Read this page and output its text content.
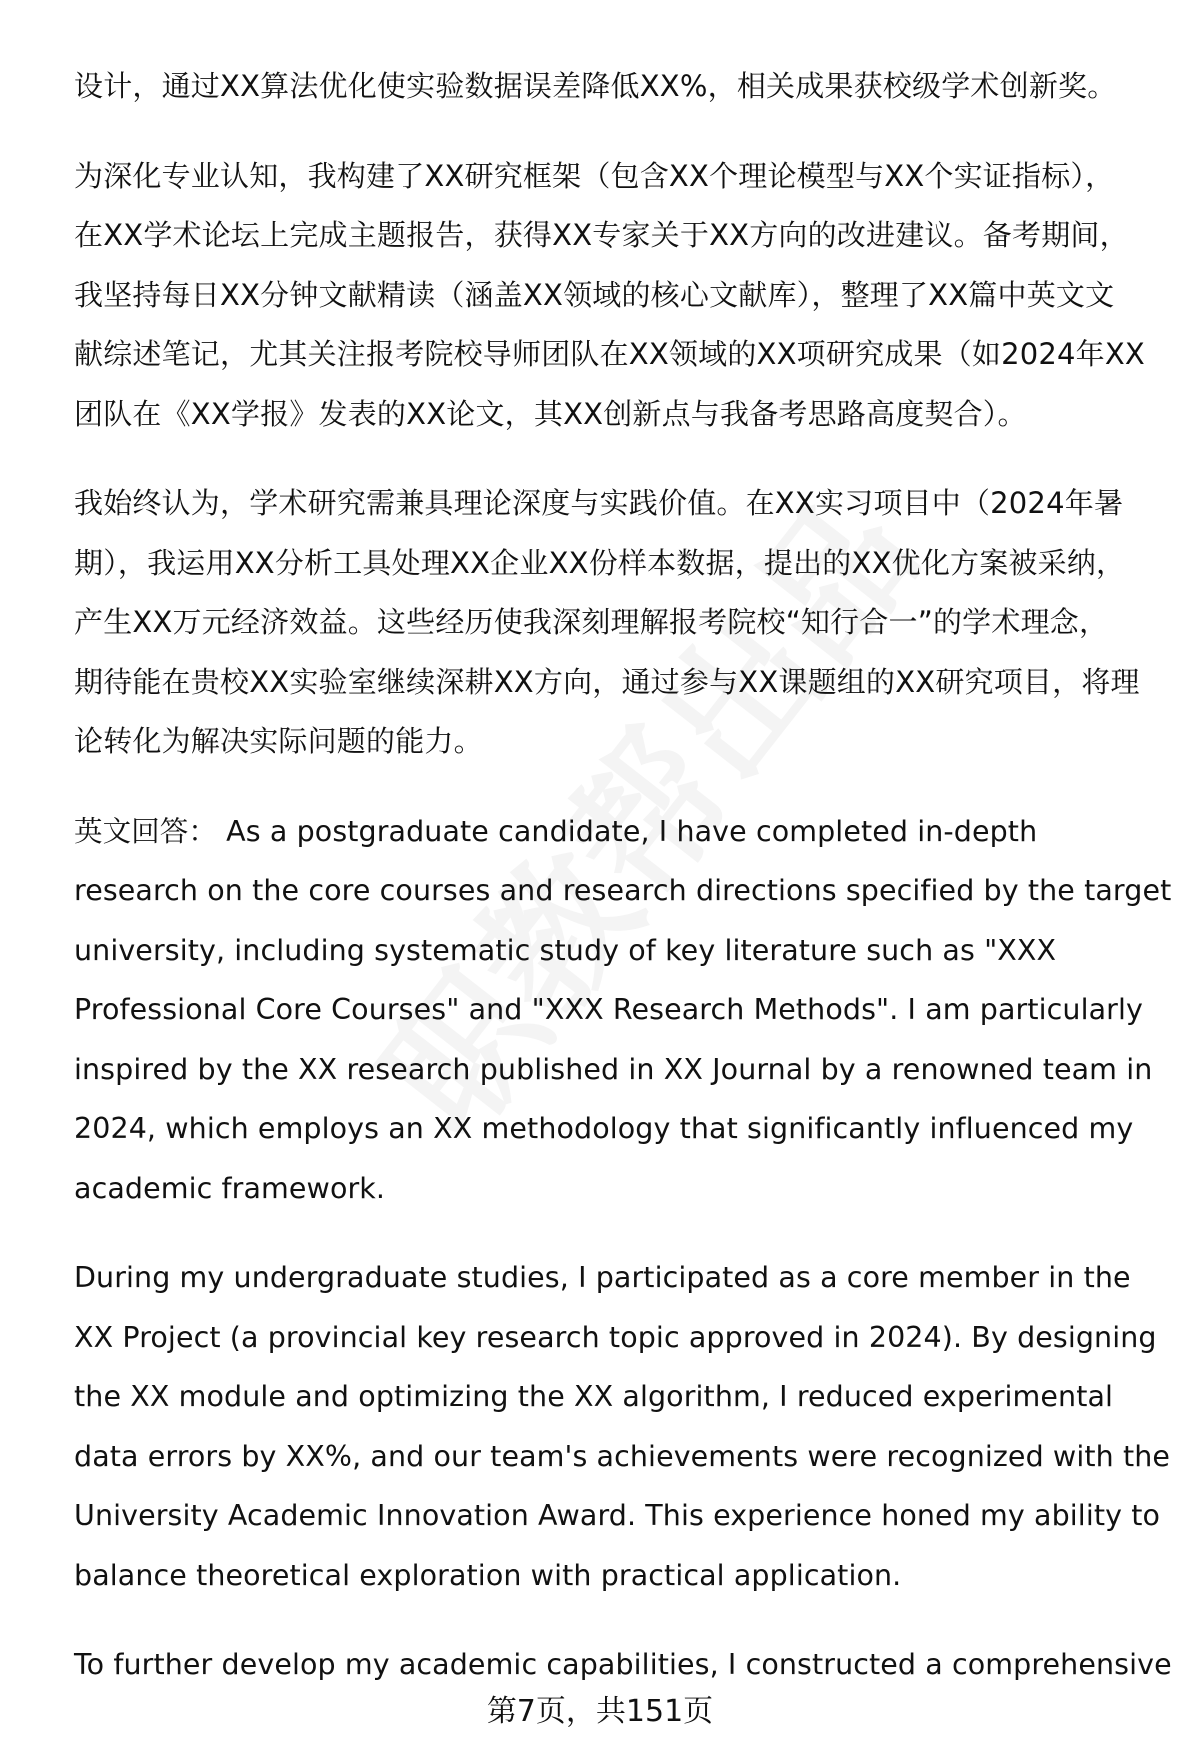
设计，通过XX算法优化使实验数据误差降低XX%，相关成果获校级学术创新奖。

为深化专业认知，我构建了XX研究框架（包含XX个理论模型与XX个实证指标），
在XX学术论坛上完成主题报告，获得XX专家关于XX方向的改进建议。备考期间，
我坚持每日XX分钟文献精读（涵盖XX领域的核心文献库），整理了XX篇中英文文
献综述笔记，尤其关注报考院校导师团队在XX领域的XX项研究成果（如2024年XX
团队在《XX学报》发表的XX论文，其XX创新点与我备考思路高度契合）。

我始终认为，学术研究需兼具理论深度与实践价值。在XX实习项目中（2024年暑
期），我运用XX分析工具处理XX企业XX份样本数据，提出的XX优化方案被采纳，
产生XX万元经济效益。这些经历使我深刻理解报考院校“知行合一”的学术理念，
期待能在贵校XX实验室继续深耕XX方向，通过参与XX课题组的XX研究项目，将理
论转化为解决实际问题的能力。

英文回答： As a postgraduate candidate, I have completed in-depth
research on the core courses and research directions specified by the target
university, including systematic study of key literature such as "XXX
Professional Core Courses" and "XXX Research Methods". I am particularly
inspired by the XX research published in XX Journal by a renowned team in
2024, which employs an XX methodology that significantly influenced my
academic framework.

During my undergraduate studies, I participated as a core member in the
XX Project (a provincial key research topic approved in 2024). By designing
the XX module and optimizing the XX algorithm, I reduced experimental
data errors by XX%, and our team's achievements were recognized with the
University Academic Innovation Award. This experience honed my ability to
balance theoretical exploration with practical application.

To further develop my academic capabilities, I constructed a comprehensive

第7页，共151页
